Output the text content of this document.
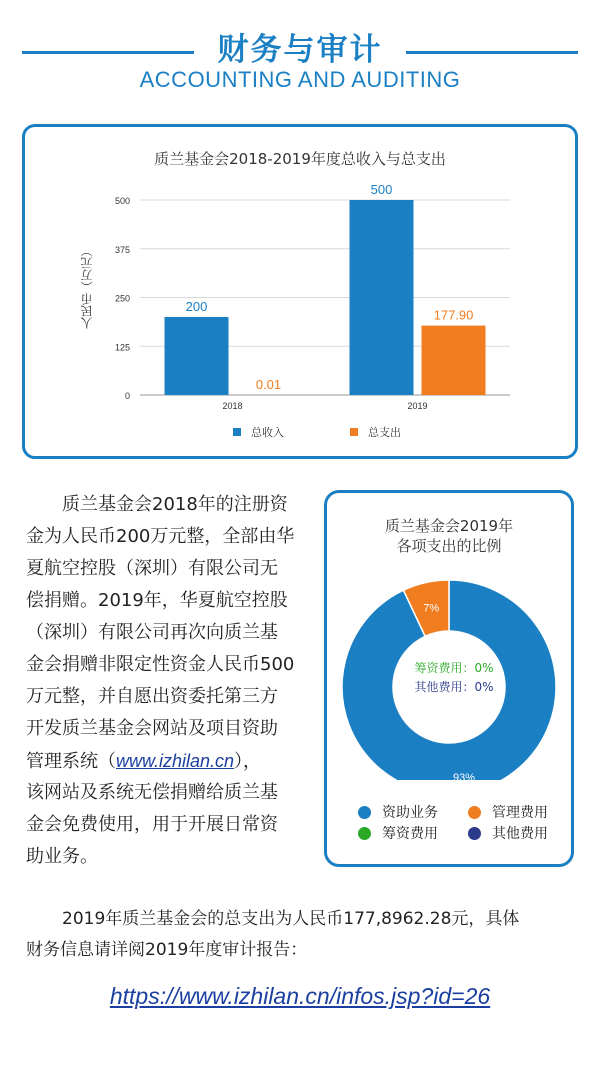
财务与审计
ACCOUNTING AND AUDITING
质兰基金会2018-2019年度总收入与总支出
人民币（万元）
0
125
250
375
500
200
0.01
2018
500
177.90
2019
总收入	总支出
质兰基金会2018年的注册资
金为人民币200万元整，全部由华
夏航空控股（深圳）有限公司无
偿捐赠。2019年，华夏航空控股
（深圳）有限公司再次向质兰基
金会捐赠非限定性资金人民币500
万元整，并自愿出资委托第三方
开发质兰基金会网站及项目资助
管理系统（www.izhilan.cn），
该网站及系统无偿捐赠给质兰基
金会免费使用，用于开展日常资
助业务。
质兰基金会2019年
各项支出的比例
93%
7%
筹资费用：0%
其他费用：0%
资助业务	管理费用
筹资费用	其他费用
2019年质兰基金会的总支出为人民币177,8962.28元，具体
财务信息请详阅2019年度审计报告：
https://www.izhilan.cn/infos.jsp?id=26
